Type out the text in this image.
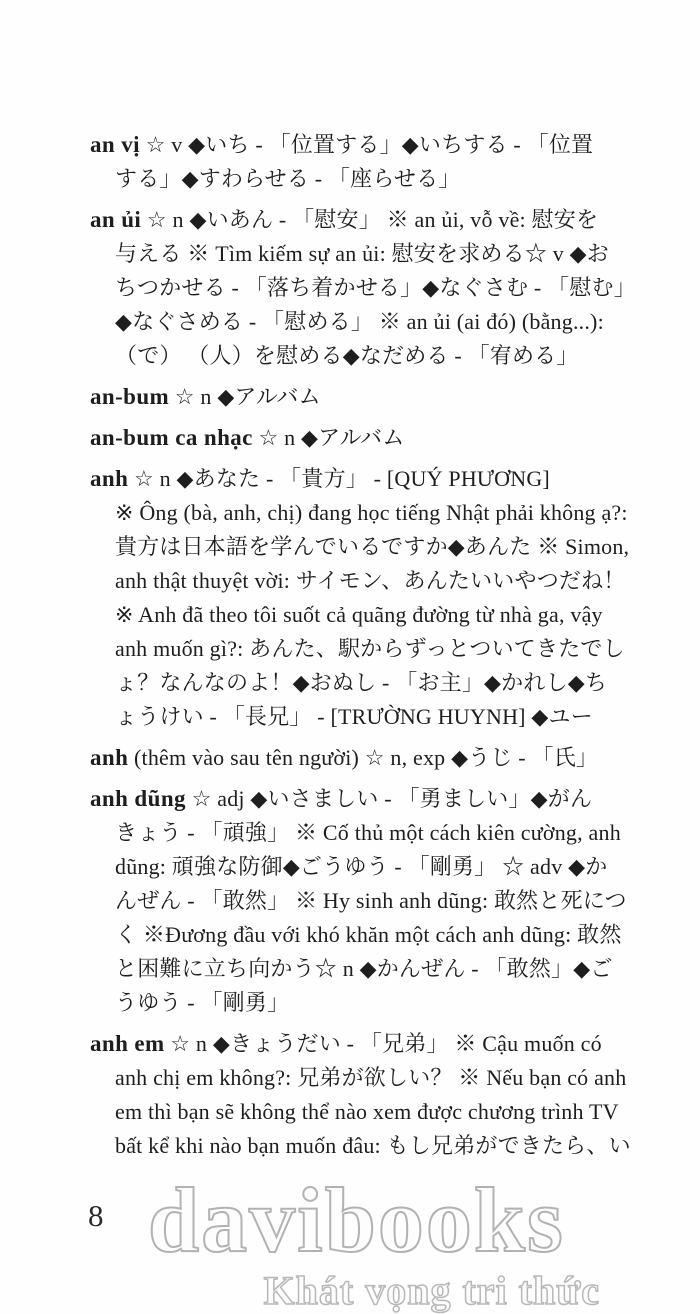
an vị ☆ v ◆いち - 「位置する」◆いちする - 「位置
する」◆すわらせる - 「座らせる」
an ủi ☆ n ◆いあん - 「慰安」 ※ an ủi, vỗ về: 慰安を
与える ※ Tìm kiếm sự an ủi: 慰安を求める☆ v ◆お
ちつかせる - 「落ち着かせる」◆なぐさむ - 「慰む」
◆なぐさめる - 「慰める」 ※ an ủi (ai đó) (bằng...):
（で） （人）を慰める◆なだめる - 「宥める」
an-bum ☆ n ◆アルバム
an-bum ca nhạc ☆ n ◆アルバム
anh ☆ n ◆あなた - 「貴方」 - [QUÝ PHƯƠNG]
※ Ông (bà, anh, chị) đang học tiếng Nhật phải không ạ?:
貴方は日本語を学んでいるですか◆あんた ※ Simon,
anh thật thuyệt vời: サイモン、あんたいいやつだね！
※ Anh đã theo tôi suốt cả quãng đường từ nhà ga, vậy
anh muốn gì?: あんた、駅からずっとついてきたでし
ょ？なんなのよ！◆おぬし - 「お主」◆かれし◆ち
ょうけい - 「長兄」 - [TRƯỜNG HUYNH] ◆ユー
anh (thêm vào sau tên người) ☆ n, exp ◆うじ - 「氏」
anh dũng ☆ adj ◆いさましい - 「勇ましい」◆がん
きょう - 「頑強」 ※ Cố thủ một cách kiên cường, anh
dũng: 頑強な防御◆ごうゆう - 「剛勇」 ☆ adv ◆か
んぜん - 「敢然」 ※ Hy sinh anh dũng: 敢然と死につ
く ※Đương đầu với khó khăn một cách anh dũng: 敢然
と困難に立ち向かう☆ n ◆かんぜん - 「敢然」◆ご
うゆう - 「剛勇」
anh em ☆ n ◆きょうだい - 「兄弟」 ※ Cậu muốn có
anh chị em không?: 兄弟が欲しい？ ※ Nếu bạn có anh
em thì bạn sẽ không thể nào xem được chương trình TV
bất kể khi nào bạn muốn đâu: もし兄弟ができたら、い
8 davibooks
Khát vọng tri thức
